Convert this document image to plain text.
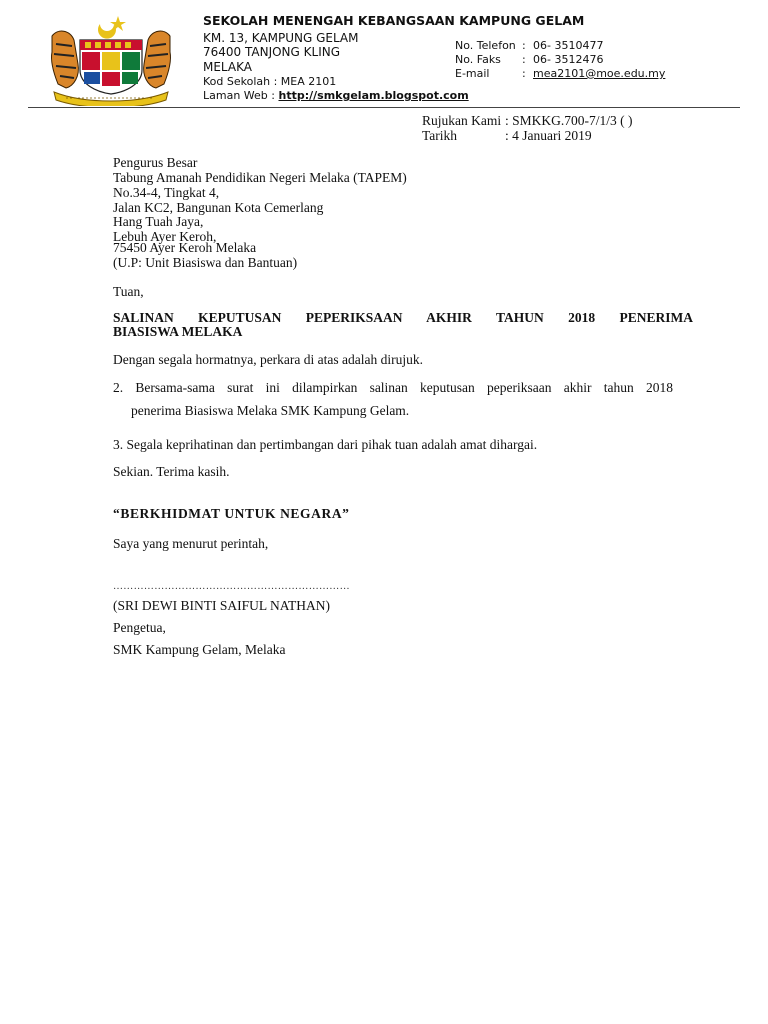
SEKOLAH MENENGAH KEBANGSAAN KAMPUNG GELAM
KM. 13, KAMPUNG GELAM
76400 TANJONG KLING
MELAKA
Kod Sekolah : MEA 2101
Laman Web : http://smkgelam.blogspot.com
No. Telefon : 06- 3510477
No. Faks : 06- 3512476
E-mail	: mea2101@moe.edu.my
Rujukan Kami : SMKKG.700-7/1/3 ( )
Tarikh	: 4 Januari 2019
Pengurus Besar
Tabung Amanah Pendidikan Negeri Melaka (TAPEM)
No.34-4, Tingkat 4,
Jalan KC2, Bangunan Kota Cemerlang
Hang Tuah Jaya,
Lebuh Ayer Keroh,
75450 Ayer Keroh Melaka
(U.P: Unit Biasiswa dan Bantuan)
Tuan,
SALINAN KEPUTUSAN PEPERIKSAAN AKHIR TAHUN 2018 PENERIMA
BIASISWA MELAKA
Dengan segala hormatnya, perkara di atas adalah dirujuk.
2. Bersama-sama surat ini dilampirkan salinan keputusan peperiksaan akhir tahun 2018
penerima Biasiswa Melaka SMK Kampung Gelam.
3. Segala keprihatinan dan pertimbangan dari pihak tuan adalah amat dihargai.
Sekian. Terima kasih.
“BERKHIDMAT UNTUK NEGARA”
Saya yang menurut perintah,
……………………………………………………………
(SRI DEWI BINTI SAIFUL NATHAN)
Pengetua,
SMK Kampung Gelam, Melaka
